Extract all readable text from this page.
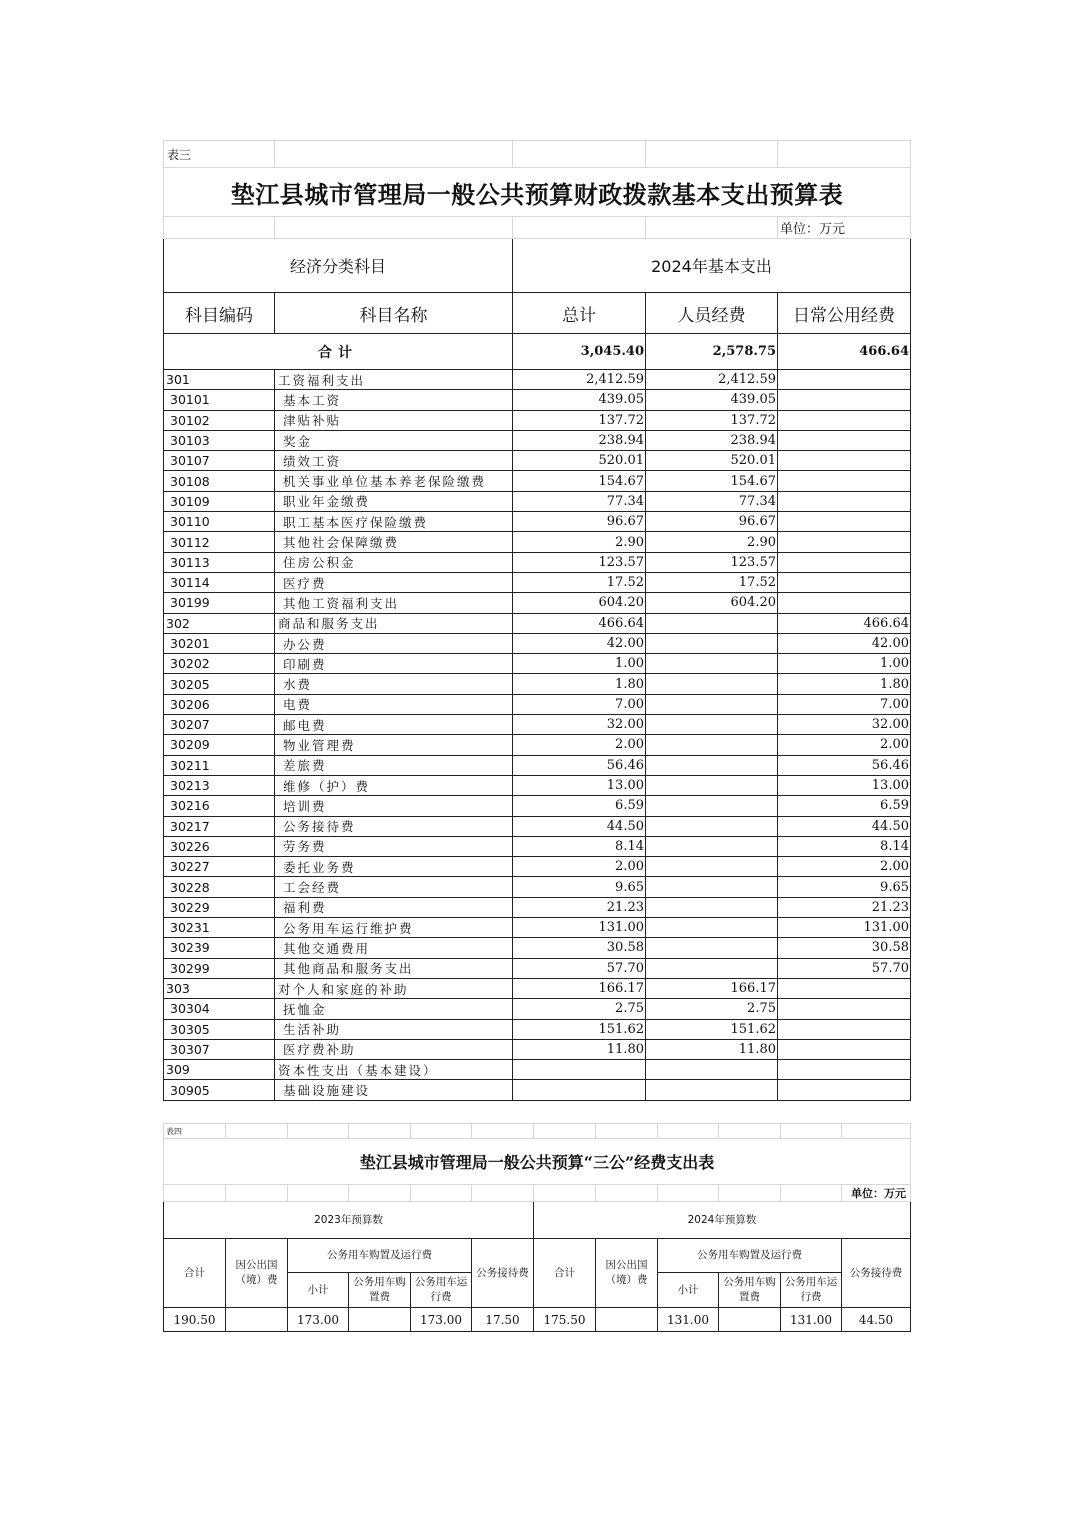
表三				
垫江县城市管理局一般公共预算财政拨款基本支出预算表				
				单位：万元
经济分类科目		2024年基本支出		
科目编码	科目名称	总计	人员经费	日常公用经费
合计		3,045.40	2,578.75	466.64
301	工资福利支出	2,412.59	2,412.59	
30101	基本工资	439.05	439.05	
30102	津贴补贴	137.72	137.72	
30103	奖金	238.94	238.94	
30107	绩效工资	520.01	520.01	
30108	机关事业单位基本养老保险缴费	154.67	154.67	
30109	职业年金缴费	77.34	77.34	
30110	职工基本医疗保险缴费	96.67	96.67	
30112	其他社会保障缴费	2.90	2.90	
30113	住房公积金	123.57	123.57	
30114	医疗费	17.52	17.52	
30199	其他工资福利支出	604.20	604.20	
302	商品和服务支出	466.64		466.64
30201	办公费	42.00		42.00
30202	印刷费	1.00		1.00
30205	水费	1.80		1.80
30206	电费	7.00		7.00
30207	邮电费	32.00		32.00
30209	物业管理费	2.00		2.00
30211	差旅费	56.46		56.46
30213	维修（护）费	13.00		13.00
30216	培训费	6.59		6.59
30217	公务接待费	44.50		44.50
30226	劳务费	8.14		8.14
30227	委托业务费	2.00		2.00
30228	工会经费	9.65		9.65
30229	福利费	21.23		21.23
30231	公务用车运行维护费	131.00		131.00
30239	其他交通费用	30.58		30.58
30299	其他商品和服务支出	57.70		57.70
303	对个人和家庭的补助	166.17	166.17	
30304	抚恤金	2.75	2.75	
30305	生活补助	151.62	151.62	
30307	医疗费补助	11.80	11.80	
309	资本性支出（基本建设）			
30905	基础设施建设			
表四											
垫江县城市管理局一般公共预算“三公”经费支出表											
											单位：万元
2023年预算数						2024年预算数					
合计	因公出国（境）费	公务用车购置及运行费			公务接待费	合计	因公出国（境）费	公务用车购置及运行费			公务接待费
		小计	公务用车购置费	公务用车运行费				小计	公务用车购置费	公务用车运行费	
190.50		173.00		173.00	17.50	175.50		131.00		131.00	44.50
